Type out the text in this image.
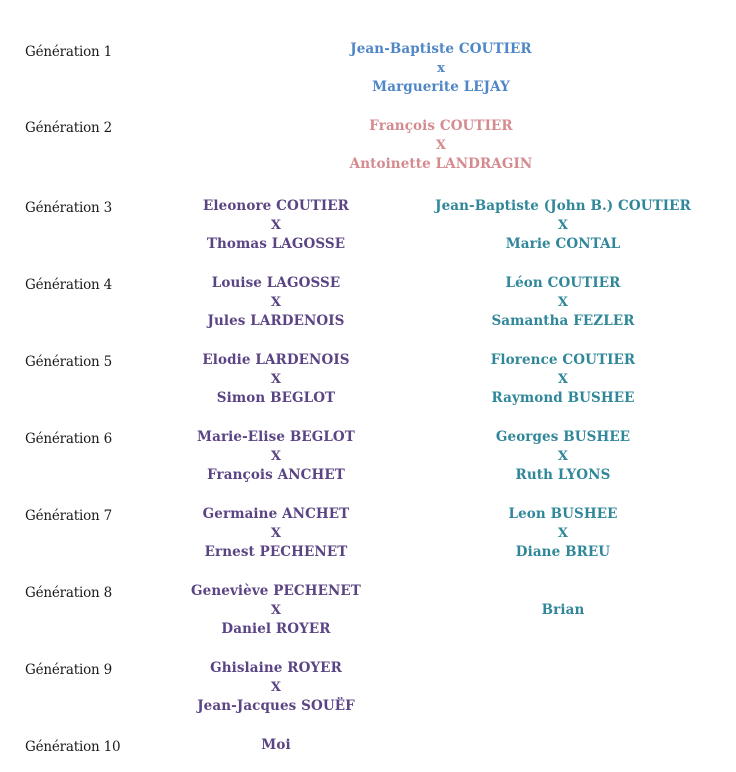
Génération 1
Génération 2
Génération 3
Génération 4
Génération 5
Génération 6
Génération 7
Génération 8
Génération 9
Génération 10
Jean-Baptiste COUTIER
x
Marguerite LEJAY
François COUTIER
X
Antoinette LANDRAGIN
Eleonore COUTIER
X
Thomas LAGOSSE
Louise LAGOSSE
X
Jules LARDENOIS
Elodie LARDENOIS
X
Simon BEGLOT
Marie-Elise BEGLOT
X
François ANCHET
Germaine ANCHET
X
Ernest PECHENET
Geneviève PECHENET
X
Daniel ROYER
Ghislaine ROYER
X
Jean-Jacques SOUËF
Moi
Jean-Baptiste (John B.) COUTIER
X
Marie CONTAL
Léon COUTIER
X
Samantha FEZLER
Florence COUTIER
X
Raymond BUSHEE
Georges BUSHEE
X
Ruth LYONS
Leon BUSHEE
X
Diane BREU
Brian
